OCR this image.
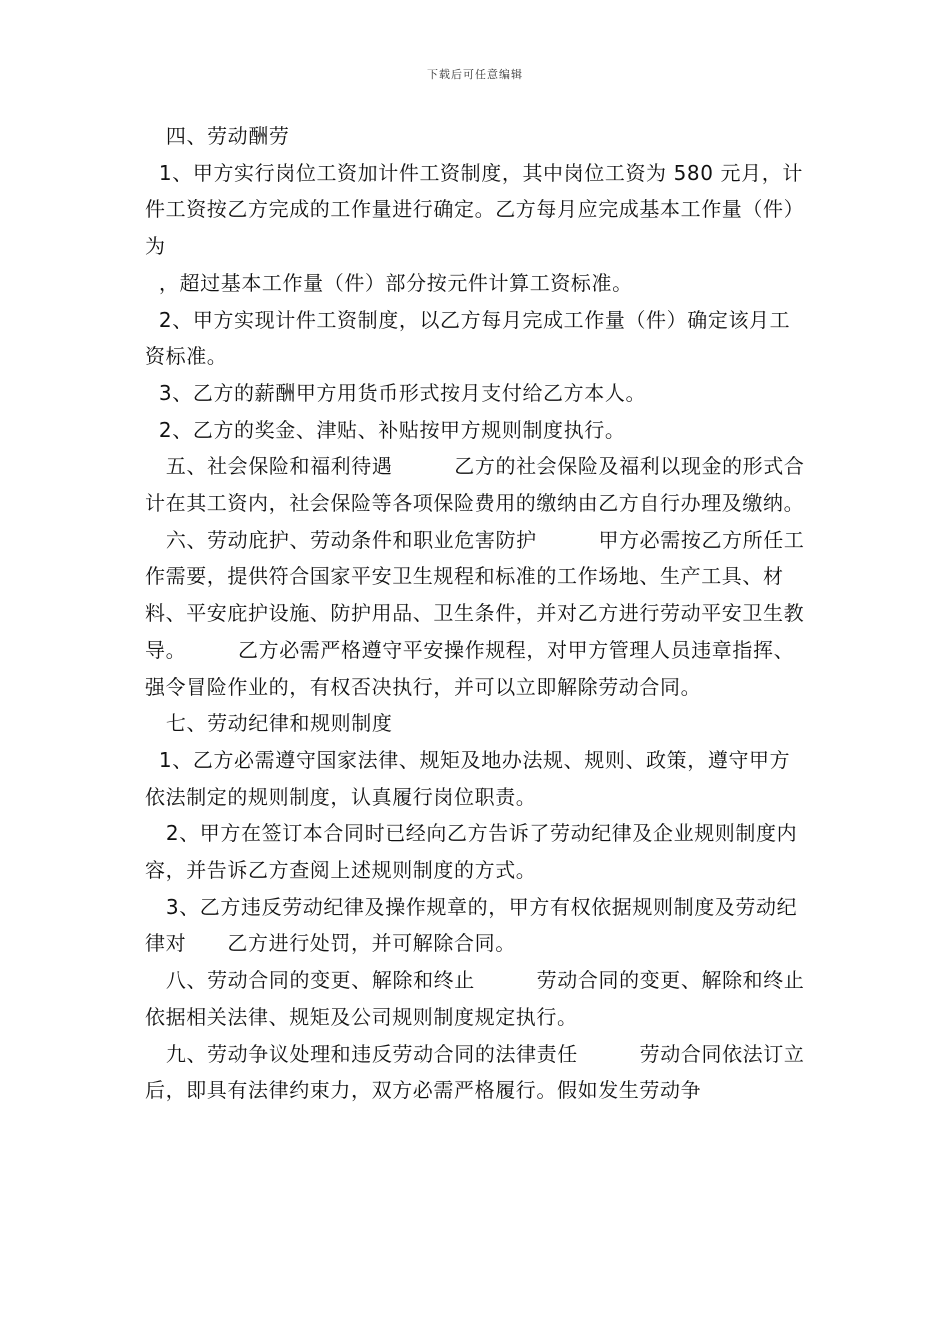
下载后可任意编辑

四、劳动酬劳

1、甲方实行岗位工资加计件工资制度，其中岗位工资为 580 元月，计件工资按乙方完成的工作量进行确定。乙方每月应完成基本工作量（件）为

，超过基本工作量（件）部分按元件计算工资标准。

2、甲方实现计件工资制度，以乙方每月完成工作量（件）确定该月工资标准。

3、乙方的薪酬甲方用货币形式按月支付给乙方本人。

2、乙方的奖金、津贴、补贴按甲方规则制度执行。

五、社会保险和福利待遇　　　乙方的社会保险及福利以现金的形式合计在其工资内，社会保险等各项保险费用的缴纳由乙方自行办理及缴纳。

六、劳动庇护、劳动条件和职业危害防护　　　甲方必需按乙方所任工作需要，提供符合国家平安卫生规程和标准的工作场地、生产工具、材料、平安庇护设施、防护用品、卫生条件，并对乙方进行劳动平安卫生教导。　　　乙方必需严格遵守平安操作规程，对甲方管理人员违章指挥、强令冒险作业的，有权否决执行，并可以立即解除劳动合同。

七、劳动纪律和规则制度

1、乙方必需遵守国家法律、规矩及地办法规、规则、政策，遵守甲方依法制定的规则制度，认真履行岗位职责。

2、甲方在签订本合同时已经向乙方告诉了劳动纪律及企业规则制度内容，并告诉乙方查阅上述规则制度的方式。

3、乙方违反劳动纪律及操作规章的，甲方有权依据规则制度及劳动纪律对　　乙方进行处罚，并可解除合同。

八、劳动合同的变更、解除和终止　　　劳动合同的变更、解除和终止依据相关法律、规矩及公司规则制度规定执行。

九、劳动争议处理和违反劳动合同的法律责任　　　劳动合同依法订立后，即具有法律约束力，双方必需严格履行。假如发生劳动争
